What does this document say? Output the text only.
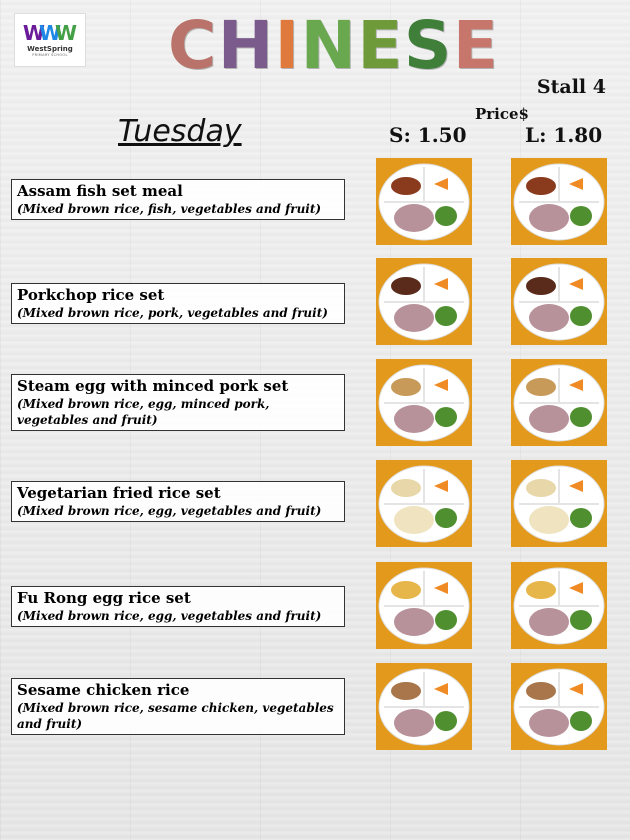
WWW
WestSpring
PRIMARY SCHOOL C H I N E S E
Stall 4
Price$
Tuesday	S: 1.50	L: 1.80
Assam fish set meal
(Mixed brown rice, fish, vegetables and fruit)
Porkchop rice set
(Mixed brown rice, pork, vegetables and fruit)
Steam egg with minced pork set
(Mixed brown rice, egg, minced pork, vegetables and fruit)
Vegetarian fried rice set
(Mixed brown rice, egg, vegetables and fruit)
Fu Rong egg rice set
(Mixed brown rice, egg, vegetables and fruit)
Sesame chicken rice
(Mixed brown rice, sesame chicken, vegetables and fruit)
